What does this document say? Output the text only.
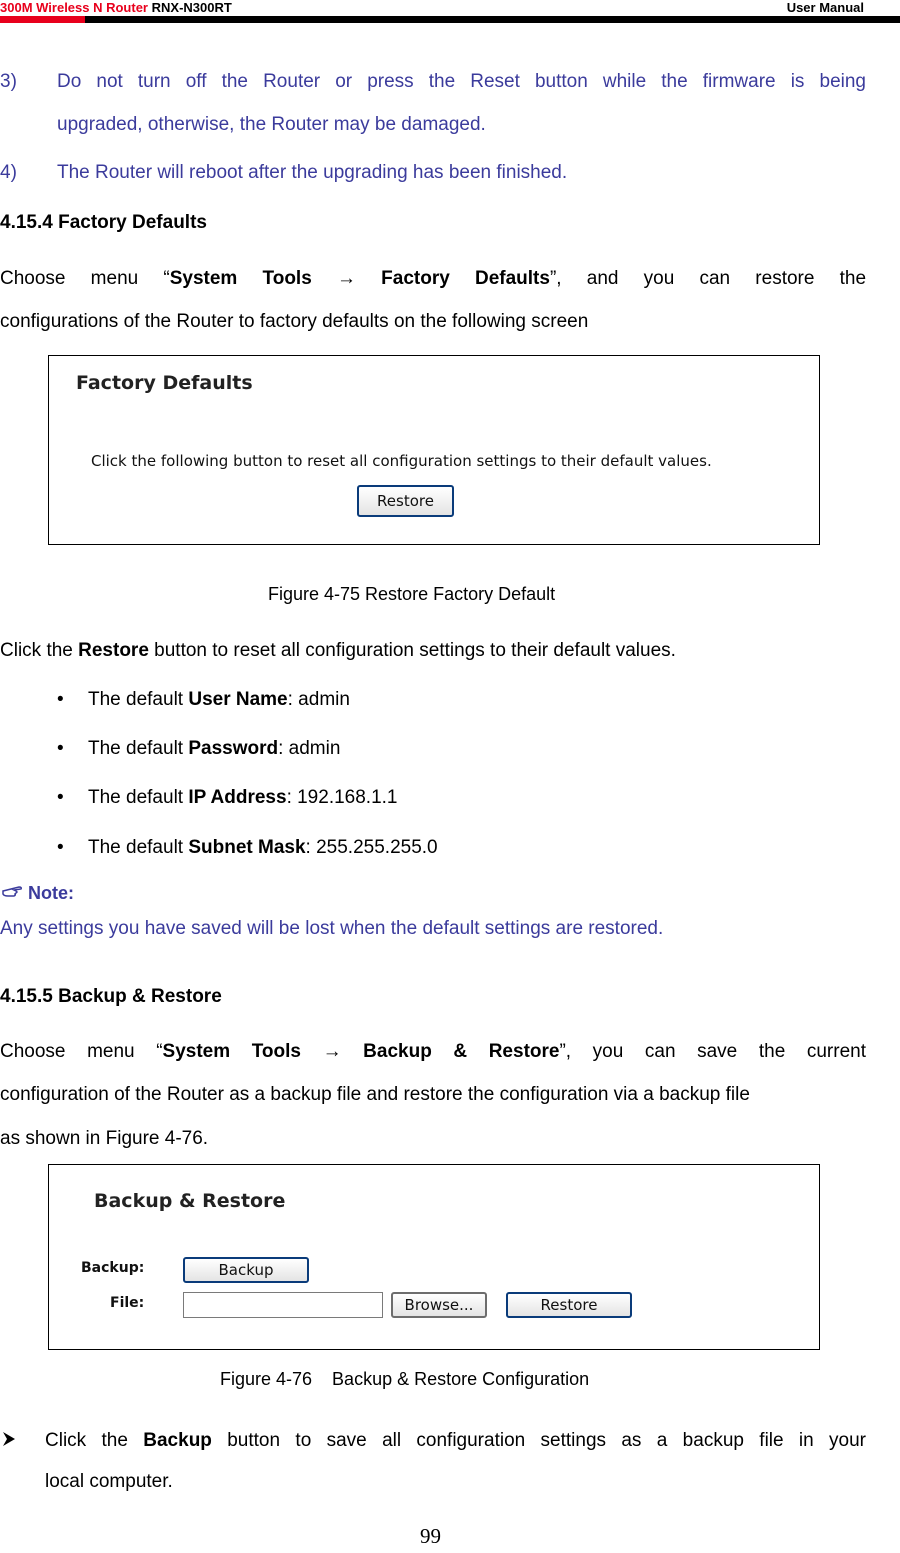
300M Wireless N Router RNX-N300RT	User Manual
3) Do not turn off the Router or press the Reset button while the firmware is being
upgraded, otherwise, the Router may be damaged.
4) The Router will reboot after the upgrading has been finished.
4.15.4 Factory Defaults
Choose menu “System Tools → Factory Defaults”, and you can restore the
configurations of the Router to factory defaults on the following screen
Factory Defaults
Click the following button to reset all configuration settings to their default values.
Restore
Figure 4-75 Restore Factory Default
Click the Restore button to reset all configuration settings to their default values.
• The default User Name: admin
• The default Password: admin
• The default IP Address: 192.168.1.1
• The default Subnet Mask: 255.255.255.0
Note:
Any settings you have saved will be lost when the default settings are restored.
4.15.5 Backup & Restore
Choose menu “System Tools → Backup & Restore”, you can save the current
configuration of the Router as a backup file and restore the configuration via a backup file
as shown in Figure 4-76.
Backup & Restore
Backup:	Backup
File:	Browse...	Restore
Figure 4-76    Backup & Restore Configuration
Click the Backup button to save all configuration settings as a backup file in your
local computer.
99
